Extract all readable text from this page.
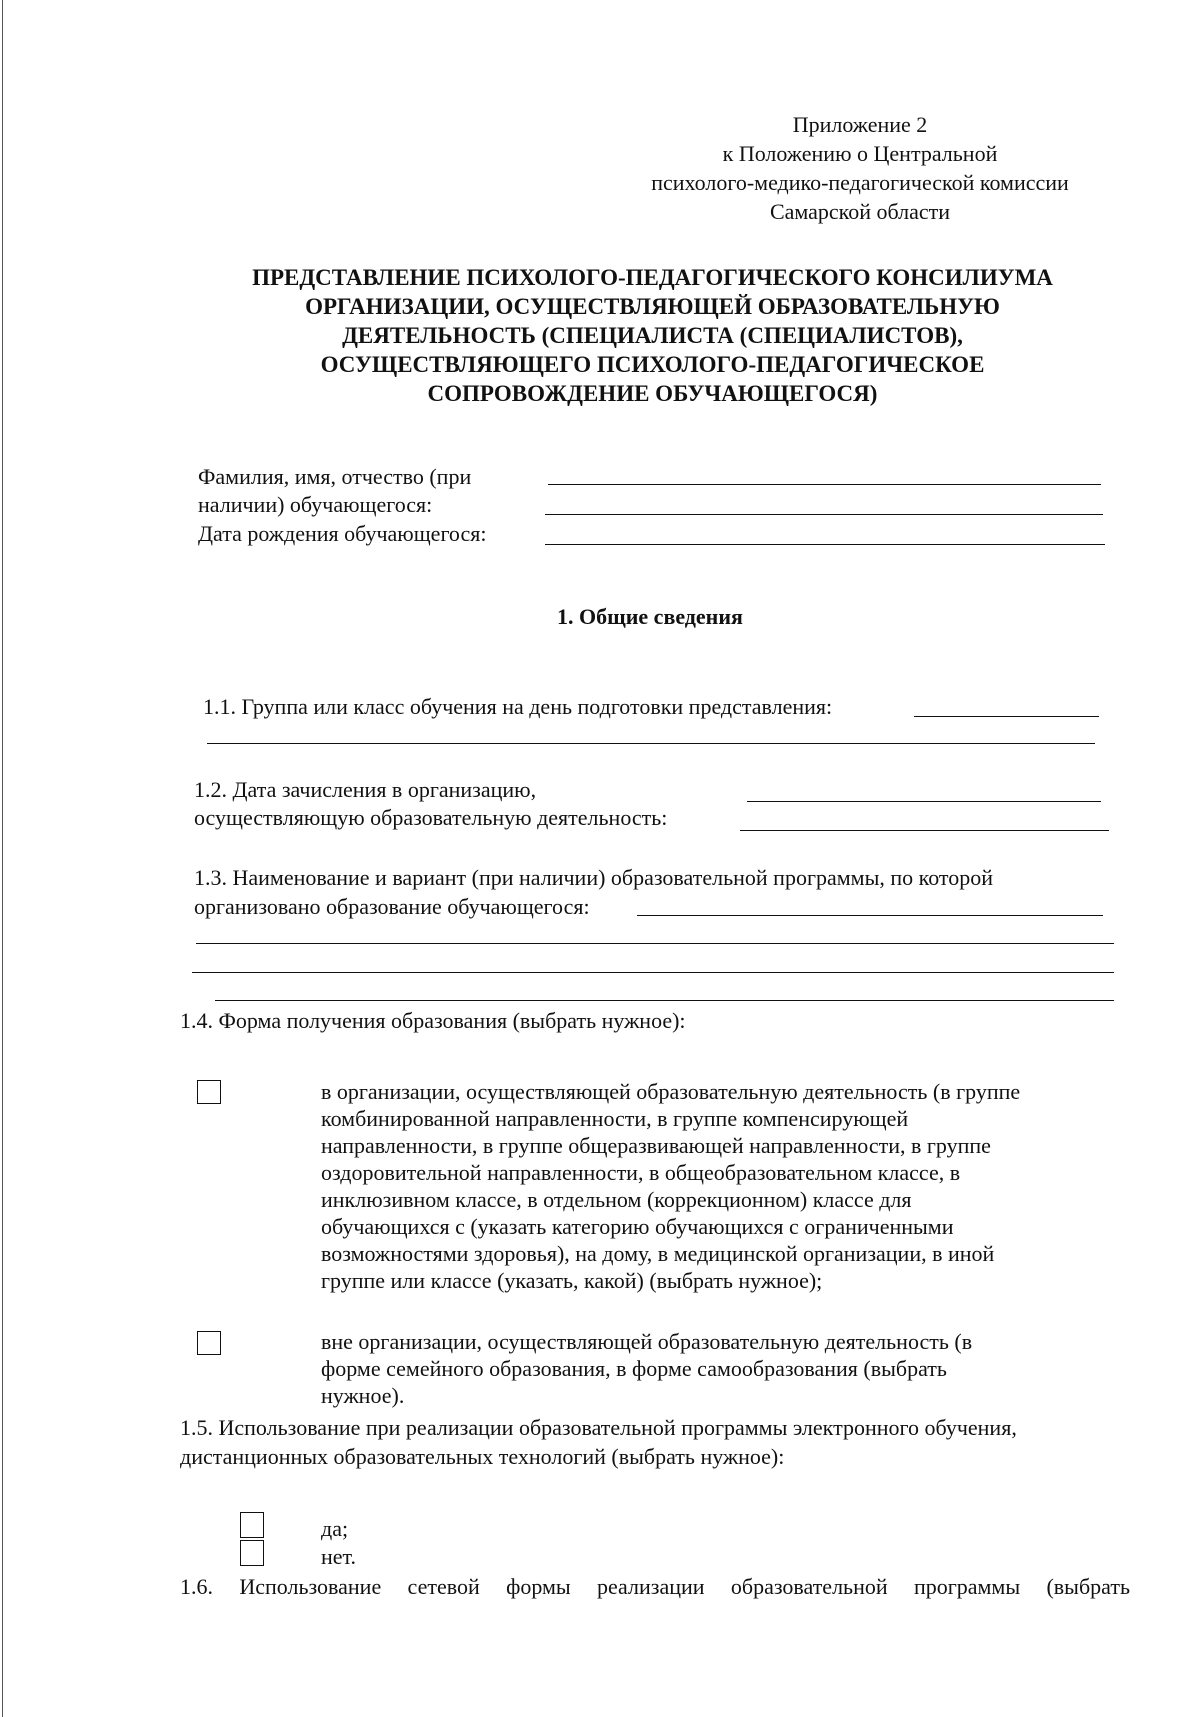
Приложение 2
к Положению о Центральной
психолого-медико-педагогической комиссии
Самарской области
ПРЕДСТАВЛЕНИЕ ПСИХОЛОГО-ПЕДАГОГИЧЕСКОГО КОНСИЛИУМА
ОРГАНИЗАЦИИ, ОСУЩЕСТВЛЯЮЩЕЙ ОБРАЗОВАТЕЛЬНУЮ
ДЕЯТЕЛЬНОСТЬ (СПЕЦИАЛИСТА (СПЕЦИАЛИСТОВ),
ОСУЩЕСТВЛЯЮЩЕГО ПСИХОЛОГО-ПЕДАГОГИЧЕСКОЕ
СОПРОВОЖДЕНИЕ ОБУЧАЮЩЕГОСЯ)
Фамилия, имя, отчество (при
наличии) обучающегося:
Дата рождения обучающегося:
1. Общие сведения
1.1. Группа или класс обучения на день подготовки представления:
1.2. Дата зачисления в организацию,
осуществляющую образовательную деятельность:
1.3. Наименование и вариант (при наличии) образовательной программы, по которой
организовано образование обучающегося:
1.4. Форма получения образования (выбрать нужное):
в организации, осуществляющей образовательную деятельность (в группе
комбинированной направленности, в группе компенсирующей
направленности, в группе общеразвивающей направленности, в группе
оздоровительной направленности, в общеобразовательном классе, в
инклюзивном классе, в отдельном (коррекционном) классе для
обучающихся с (указать категорию обучающихся с ограниченными
возможностями здоровья), на дому, в медицинской организации, в иной
группе или классе (указать, какой) (выбрать нужное);
вне организации, осуществляющей образовательную деятельность (в
форме семейного образования, в форме самообразования (выбрать
нужное).
1.5. Использование при реализации образовательной программы электронного обучения,
дистанционных образовательных технологий (выбрать нужное):
да;
нет.
1.6. Использование сетевой формы реализации образовательной программы (выбрать
